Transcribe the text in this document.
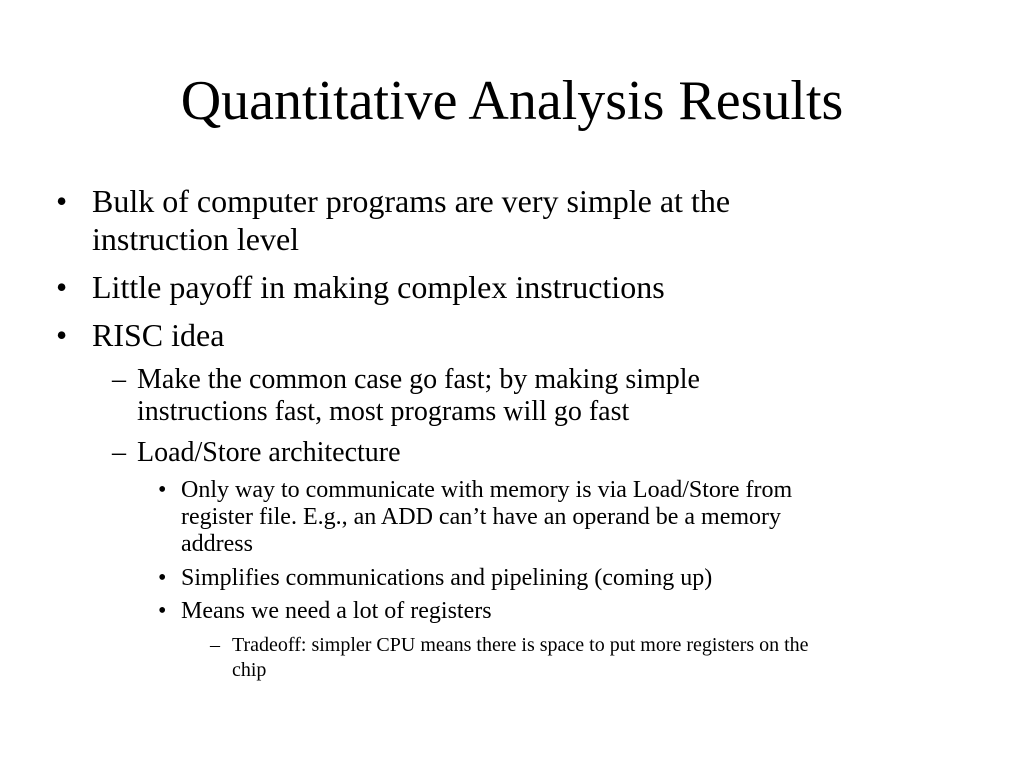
Quantitative Analysis Results
• Bulk of computer programs are very simple at the
instruction level
• Little payoff in making complex instructions
• RISC idea
– Make the common case go fast; by making simple
instructions fast, most programs will go fast
– Load/Store architecture
• Only way to communicate with memory is via Load/Store from
register file. E.g., an ADD can’t have an operand be a memory
address
• Simplifies communications and pipelining (coming up)
• Means we need a lot of registers
– Tradeoff: simpler CPU means there is space to put more registers on the
chip
